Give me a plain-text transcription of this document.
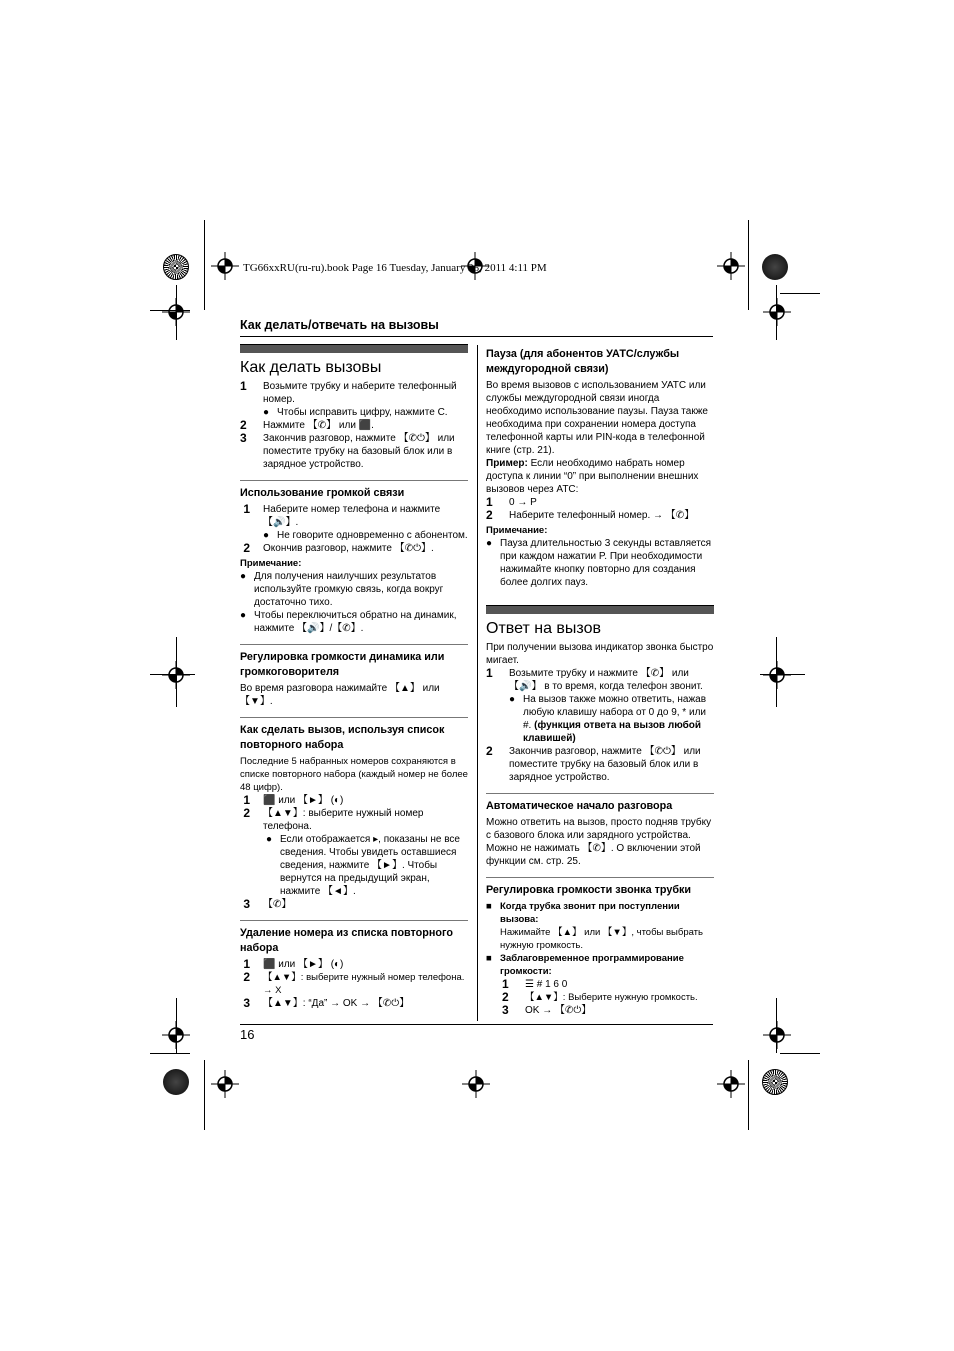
TG66xxRU(ru-ru).book Page 16 Tuesday, January 25, 2011 4:11 PM
Как делать/отвечать на вызовы
Как делать вызовы
1	Возьмите трубку и наберите телефонный номер.
● Чтобы исправить цифру, нажмите C.
2	Нажмите 【✆】 или ⬛.
3	Закончив разговор, нажмите 【✆⏻】 или поместите трубку на базовый блок или в зарядное устройство.
Использование громкой связи
1	Наберите номер телефона и нажмите 【🔊】.
● Не говорите одновременно с абонентом.
2	Окончив разговор, нажмите 【✆⏻】.
Примечание:
● Для получения наилучших результатов используйте громкую связь, когда вокруг достаточно тихо.
● Чтобы переключиться обратно на динамик, нажмите 【🔊】/【✆】.
Регулировка громкости динамика или громкоговорителя

Во время разговора нажимайте 【▲】 или 【▼】.

Как сделать вызов, используя список повторного набора

Последние 5 набранных номеров сохраняются в списке повторного набора (каждый номер не более 48 цифр).

1	⬛ или 【►】 (◐)
2	【▲▼】: выберите нужный номер телефона.
● Если отображается ▸, показаны не все сведения. Чтобы увидеть оставшиеся сведения, нажмите 【►】. Чтобы вернутся на предыдущий экран, нажмите 【◄】.
3	【✆】
Удаление номера из списка повторного набора
1	⬛ или 【►】 (◐)
2	【▲▼】: выберите нужный номер телефона. → X
3	【▲▼】: “Да” → OK → 【✆⏻】
Пауза (для абонентов УАТС/службы междугородной связи)

Во время вызовов с использованием УАТС или службы междугородной связи иногда необходимо использование паузы. Пауза также необходима при сохранении номера доступа телефонной карты или PIN-кода в телефонной книге (стр. 21).

Пример: Если необходимо набрать номер доступа к линии “0” при выполнении внешних вызовов через АТС:

1	0 → P
2	Наберите телефонный номер. → 【✆】
Примечание:
● Пауза длительностью 3 секунды вставляется при каждом нажатии P. При необходимости нажимайте кнопку повторно для создания более долгих пауз.
Ответ на вызов

При получении вызова индикатор звонка быстро мигает.

1	Возьмите трубку и нажмите 【✆】 или 【🔊】 в то время, когда телефон звонит.
● На вызов также можно ответить, нажав любую клавишу набора от 0 до 9, * или #. (функция ответа на вызов любой клавишей)
2	Закончив разговор, нажмите 【✆⏻】 или поместите трубку на базовый блок или в зарядное устройство.
Автоматическое начало разговора

Можно ответить на вызов, просто подняв трубку с базового блока или зарядного устройства. Можно не нажимать 【✆】. О включении этой функции см. стр. 25.

Регулировка громкости звонка трубки
■ Когда трубка звонит при поступлении вызова:

Нажимайте 【▲】 или 【▼】, чтобы выбрать нужную громкость.

■ Заблаговременное программирование громкости:
1	☰ # 1 6 0
2	【▲▼】: Выберите нужную громкость.
3	OK → 【✆⏻】
16
